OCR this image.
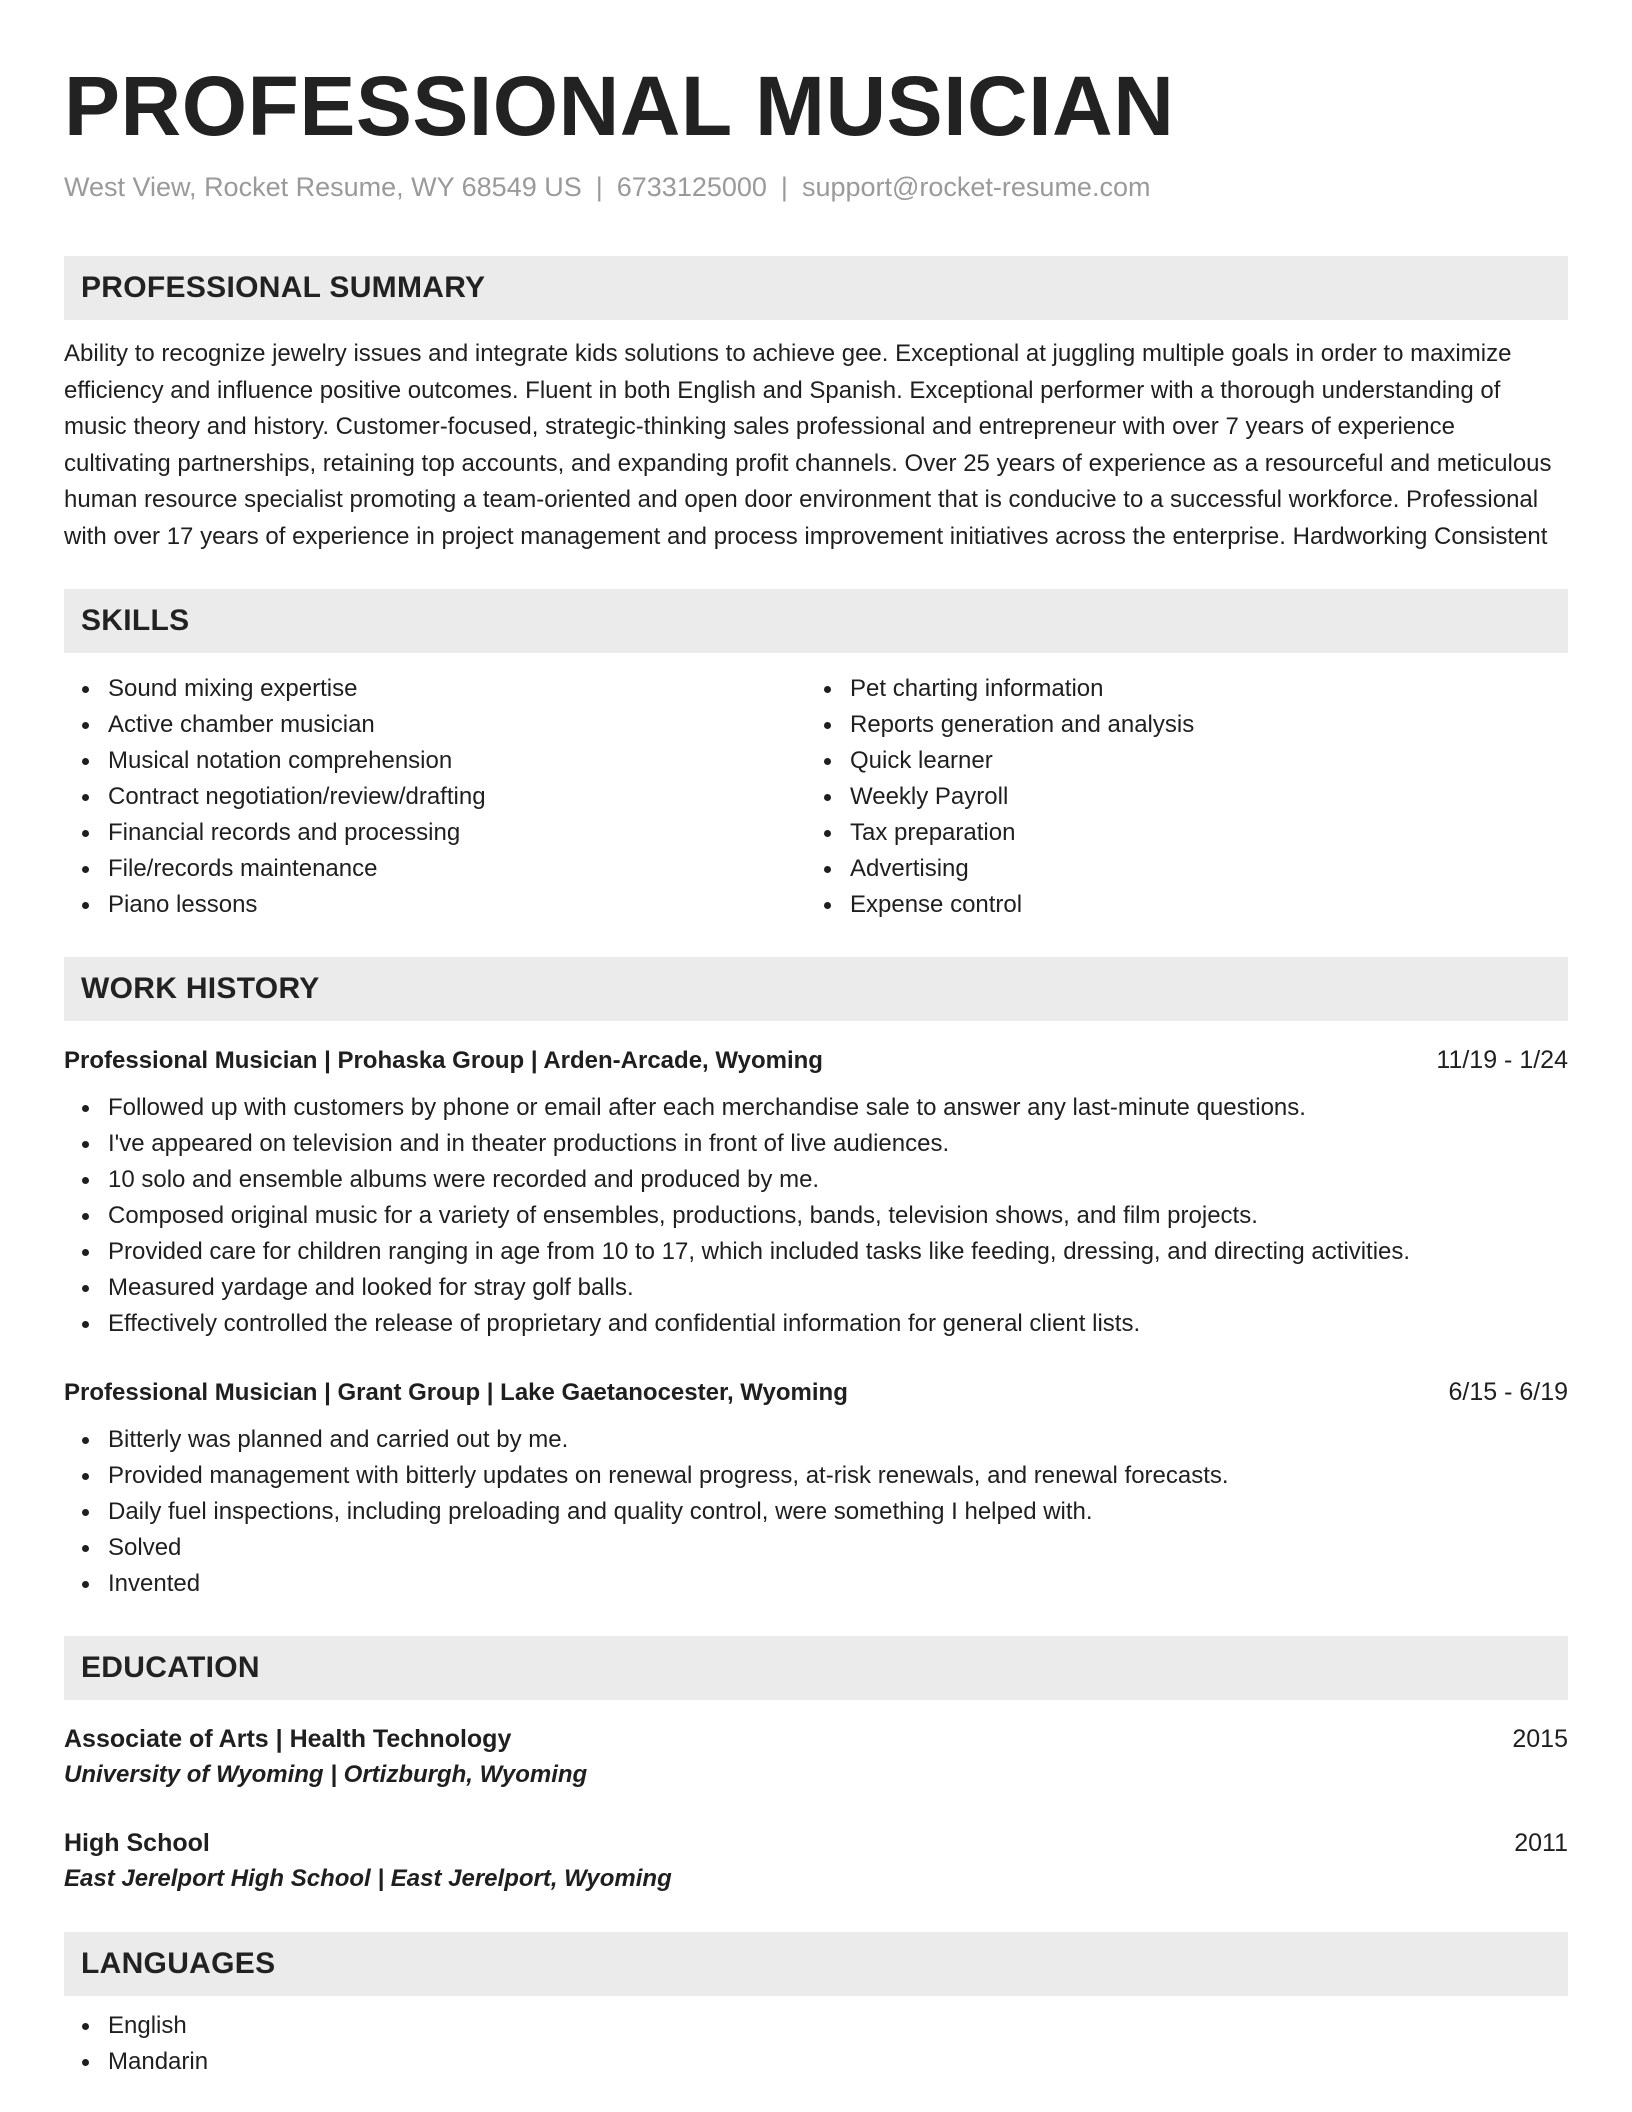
PROFESSIONAL MUSICIAN
West View, Rocket Resume, WY 68549 US | 6733125000 | support@rocket-resume.com
PROFESSIONAL SUMMARY
Ability to recognize jewelry issues and integrate kids solutions to achieve gee. Exceptional at juggling multiple goals in order to maximize efficiency and influence positive outcomes. Fluent in both English and Spanish. Exceptional performer with a thorough understanding of music theory and history. Customer-focused, strategic-thinking sales professional and entrepreneur with over 7 years of experience cultivating partnerships, retaining top accounts, and expanding profit channels. Over 25 years of experience as a resourceful and meticulous human resource specialist promoting a team-oriented and open door environment that is conducive to a successful workforce. Professional with over 17 years of experience in project management and process improvement initiatives across the enterprise. Hardworking Consistent
SKILLS
Sound mixing expertise
Active chamber musician
Musical notation comprehension
Contract negotiation/review/drafting
Financial records and processing
File/records maintenance
Piano lessons
Pet charting information
Reports generation and analysis
Quick learner
Weekly Payroll
Tax preparation
Advertising
Expense control
WORK HISTORY
Professional Musician | Prohaska Group | Arden-Arcade, Wyoming	11/19 - 1/24
Followed up with customers by phone or email after each merchandise sale to answer any last-minute questions.
I've appeared on television and in theater productions in front of live audiences.
10 solo and ensemble albums were recorded and produced by me.
Composed original music for a variety of ensembles, productions, bands, television shows, and film projects.
Provided care for children ranging in age from 10 to 17, which included tasks like feeding, dressing, and directing activities.
Measured yardage and looked for stray golf balls.
Effectively controlled the release of proprietary and confidential information for general client lists.
Professional Musician | Grant Group | Lake Gaetanocester, Wyoming	6/15 - 6/19
Bitterly was planned and carried out by me.
Provided management with bitterly updates on renewal progress, at-risk renewals, and renewal forecasts.
Daily fuel inspections, including preloading and quality control, were something I helped with.
Solved
Invented
EDUCATION
Associate of Arts | Health Technology	2015
University of Wyoming | Ortizburgh, Wyoming
High School	2011
East Jerelport High School | East Jerelport, Wyoming
LANGUAGES
English
Mandarin
